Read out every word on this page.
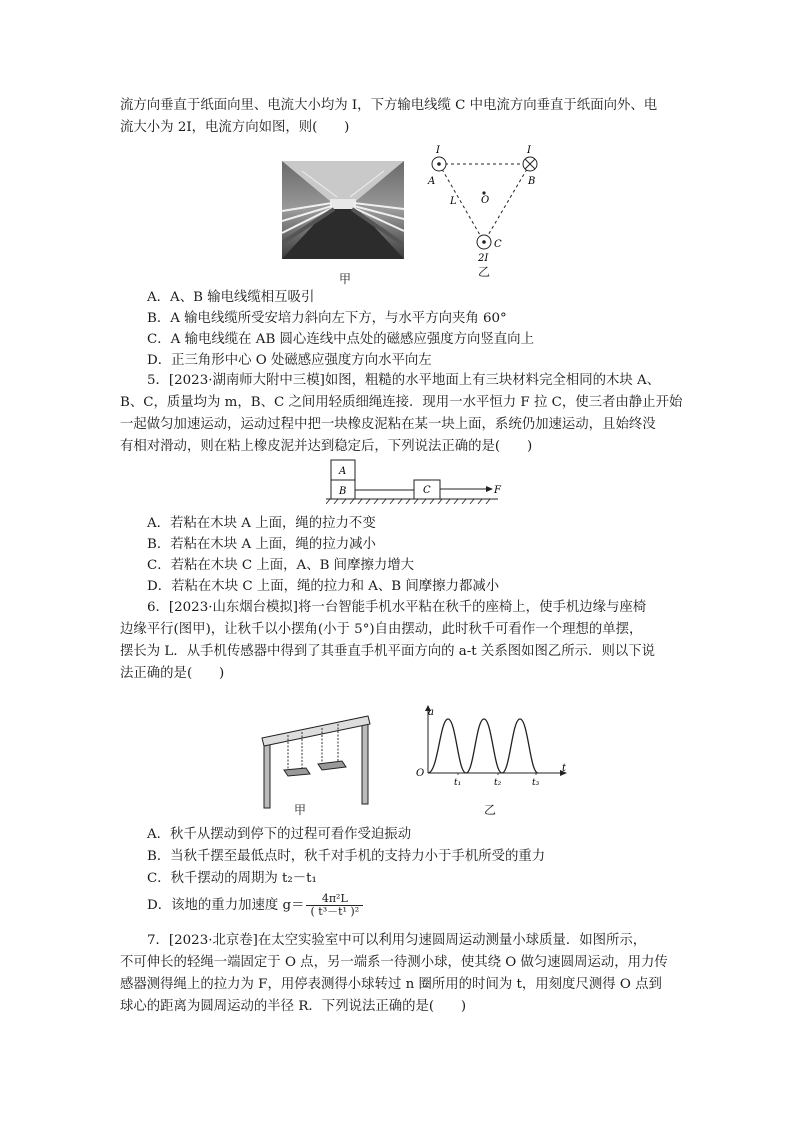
流方向垂直于纸面向里、电流大小均为 I，下方输电线缆 C 中电流方向垂直于纸面向外、电
流大小为 2I，电流方向如图，则(　　)
甲
I	I
A	B
O
L
C
2I
乙
A．A、B 输电线缆相互吸引
B．A 输电线缆所受安培力斜向左下方，与水平方向夹角 60°
C．A 输电线缆在 AB 圆心连线中点处的磁感应强度方向竖直向上
D．正三角形中心 O 处磁感应强度方向水平向左
5．[2023·湖南师大附中三模]如图，粗糙的水平地面上有三块材料完全相同的木块 A、
B、C，质量均为 m，B、C 之间用轻质细绳连接．现用一水平恒力 F 拉 C，使三者由静止开始
一起做匀加速运动，运动过程中把一块橡皮泥粘在某一块上面，系统仍加速运动，且始终没
有相对滑动，则在粘上橡皮泥并达到稳定后，下列说法正确的是(　　)
A
B	C	F
A．若粘在木块 A 上面，绳的拉力不变
B．若粘在木块 A 上面，绳的拉力减小
C．若粘在木块 C 上面，A、B 间摩擦力增大
D．若粘在木块 C 上面，绳的拉力和 A、B 间摩擦力都减小
6．[2023·山东烟台模拟]将一台智能手机水平粘在秋千的座椅上，使手机边缘与座椅
边缘平行(图甲)，让秋千以小摆角(小于 5°)自由摆动，此时秋千可看作一个理想的单摆，
摆长为 L．从手机传感器中得到了其垂直手机平面方向的 a-t 关系图如图乙所示．则以下说
法正确的是(　　)
甲
a
t
O
t₁	t₂	t₃
乙
A．秋千从摆动到停下的过程可看作受迫振动
B．当秋千摆至最低点时，秋千对手机的支持力小于手机所受的重力
C．秋千摆动的周期为 t₂－t₁
D．该地的重力加速度 $g= \frac{\text{4π²L}}{\text{( t³－t¹ )²}}$
7．[2023·北京卷]在太空实验室中可以利用匀速圆周运动测量小球质量．如图所示，
不可伸长的轻绳一端固定于 O 点，另一端系一待测小球，使其绕 O 做匀速圆周运动，用力传
感器测得绳上的拉力为 F，用停表测得小球转过 n 圈所用的时间为 t，用刻度尺测得 O 点到
球心的距离为圆周运动的半径 R．下列说法正确的是(　　)
